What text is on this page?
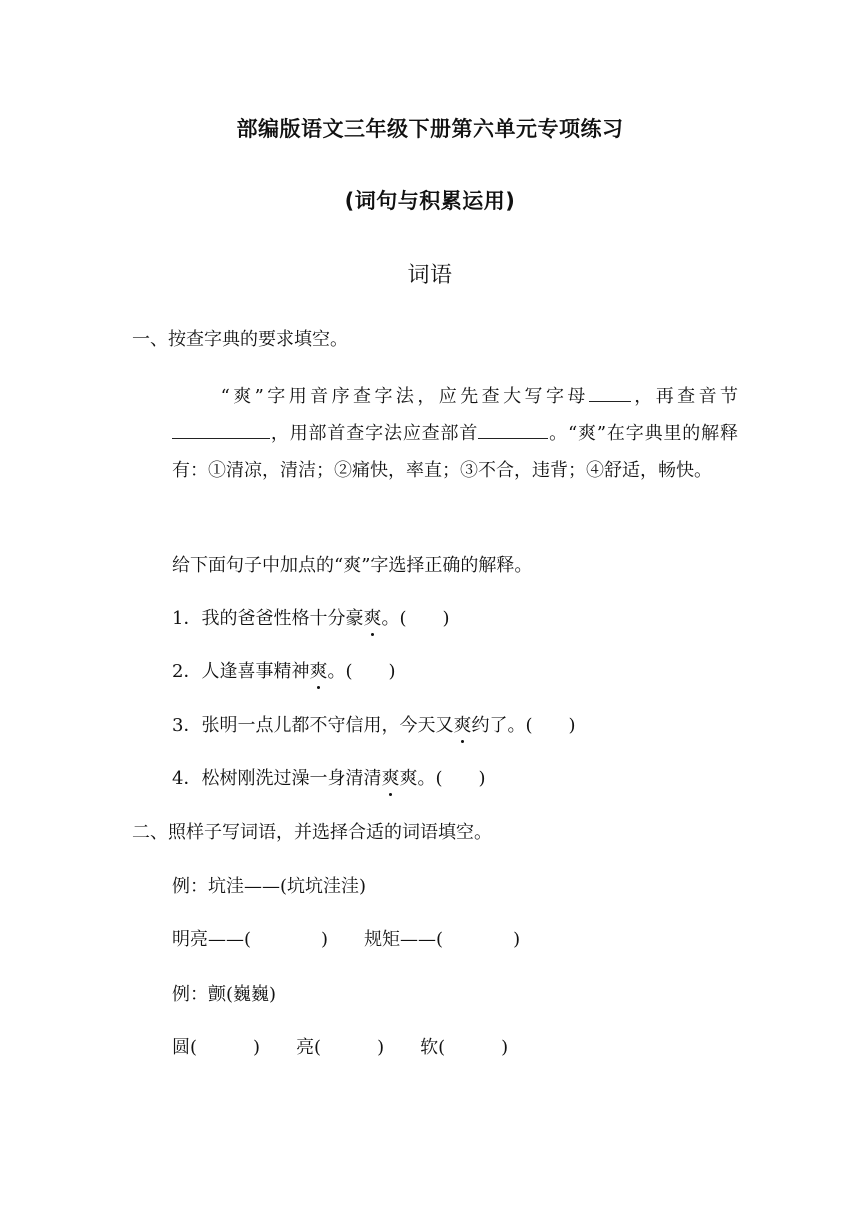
部编版语文三年级下册第六单元专项练习
(词句与积累运用)
词语
一、按查字典的要求填空。
“爽”字用音序查字法，应先查大写字母 ，再查音节，用部首查字法应查部首	。“爽”在字典里的解释有：①清凉，清洁；②痛快，率直；③不合，违背；④舒适，畅快。
给下面句子中加点的“爽”字选择正确的解释。
1．我的爸爸性格十分豪爽。(　　)
2．人逢喜事精神爽。(　　)
3．张明一点儿都不守信用，今天又爽约了。(　　)
4．松树刚洗过澡一身清清爽爽。(　　)
二、照样子写词语，并选择合适的词语填空。
例：坑洼——(坑坑洼洼)
明亮——(	) 规矩——(	)
例：颤(巍巍)
圆(	) 亮(	) 软(	)
